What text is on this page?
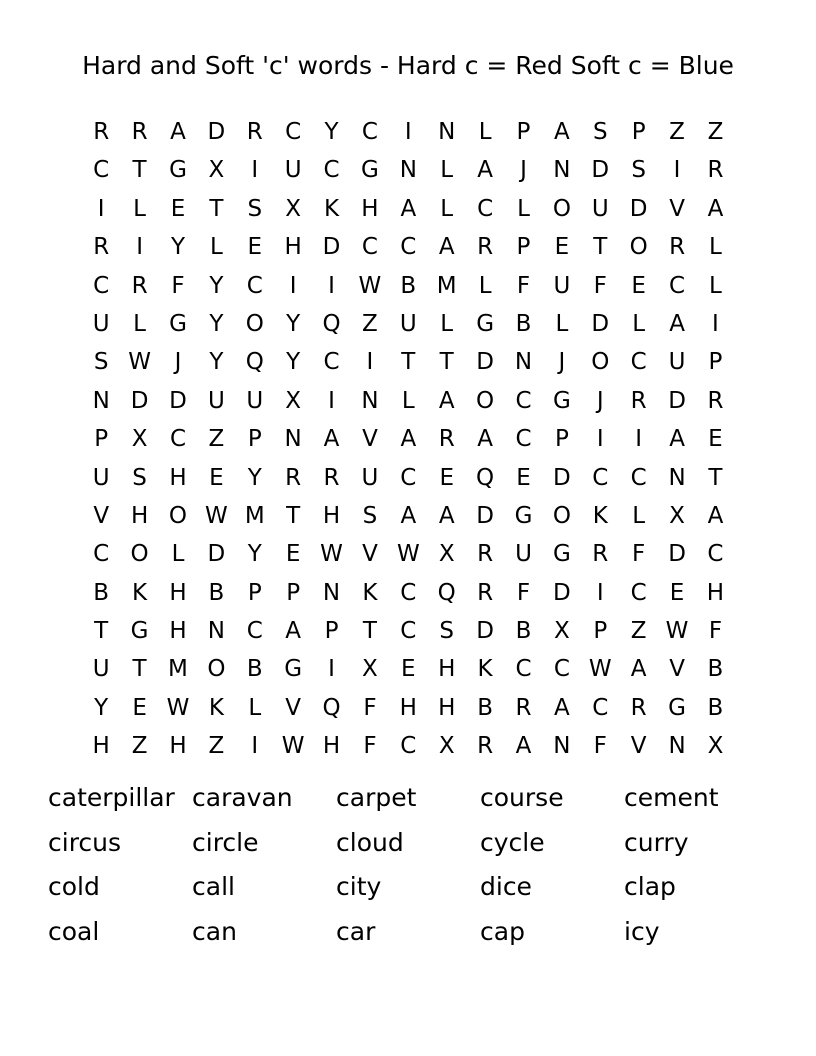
Hard and Soft 'c' words - Hard c = Red Soft c = Blue
R R A D R C	Y	C	I	N	L	P	A	S	P	Z Z
C	T G X	I	U C G N	L	A	J	N D S	I	R
I	L	E	T	S	X K H A	L	C	L O U D V A
R	I	Y	L	E H D C C A R	P	E	T O R	L
C R	F	Y	C	I	I	W B M L	F	U	F	E	C	L
U	L	G Y O Y Q Z U	L	G B	L	D	L	A	I
S W	J	Y Q Y	C	I	T	T D N	J	O C U	P
N D D U U X	I	N	L	A O C G	J	R D R
P	X C Z	P N A V A R A C	P	I	I	A	E
U S H E	Y	R R U C	E Q E D C C N T
V H O W M T H S	A A D G O K	L	X A
C O L	D Y	E W V W X R U G R	F D C
B K H B	P	P N K C Q R	F D	I	C	E H
T G H N C A	P	T	C	S D B X	P	Z W F
U T M O B G	I	X	E H K C C W A V B
Y	E W K	L	V Q F	H H B R A C R G B
H Z H Z	I	W H	F	C X R A N	F	V N X
caterpillar caravan	carpet	course	cement
circus	circle	cloud	cycle	curry
cold	call	city	dice	clap
coal	can	car	cap	icy
